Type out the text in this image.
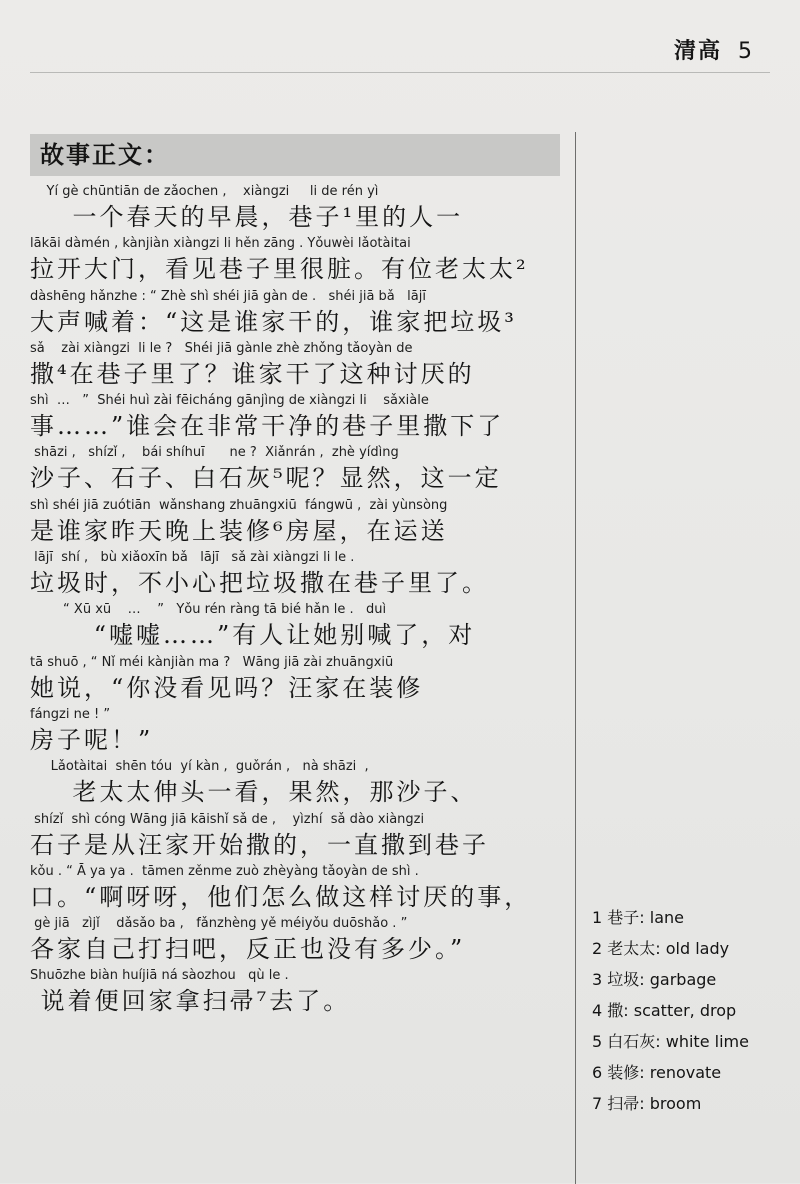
清高 5
故事正文：
Yí gè chūntiān de zǎochen ,    xiàngzi     li de rén yì
一个春天的早晨，巷子¹里的人一
lākāi dàmén , kànjiàn xiàngzi li hěn zāng . Yǒuwèi lǎotàitai
拉开大门，看见巷子里很脏。有位老太太²
dàshēng hǎnzhe : “ Zhè shì shéi jiā gàn de .   shéi jiā bǎ   lājī
大声喊着：“这是谁家干的，谁家把垃圾³
sǎ    zài xiàngzi  li le ?   Shéi jiā gànle zhè zhǒng tǎoyàn de
撒⁴在巷子里了？谁家干了这种讨厌的
shì  …   ”  Shéi huì zài fēicháng gānjìng de xiàngzi li    sǎxiàle
事……”谁会在非常干净的巷子里撒下了
shāzi ,   shízǐ ,    bái shíhuī      ne ?  Xiǎnrán ,  zhè yídìng
沙子、石子、白石灰⁵呢？显然，这一定
shì shéi jiā zuótiān  wǎnshang zhuāngxiū  fángwū ,  zài yùnsòng
是谁家昨天晚上装修⁶房屋，在运送
lājī  shí ,   bù xiǎoxīn bǎ   lājī   sǎ zài xiàngzi li le .
垃圾时，不小心把垃圾撒在巷子里了。
“ Xū xū    …    ”   Yǒu rén ràng tā bié hǎn le .   duì
“嘘嘘……”有人让她别喊了，对
tā shuō , “ Nǐ méi kànjiàn ma ?   Wāng jiā zài zhuāngxiū
她说，“你没看见吗？汪家在装修
fángzi ne ! ”
房子呢！”
Lǎotàitai  shēn tóu  yí kàn ,  guǒrán ,   nà shāzi  ,
老太太伸头一看，果然，那沙子、
shízǐ  shì cóng Wāng jiā kāishǐ sǎ de ,    yìzhí  sǎ dào xiàngzi
石子是从汪家开始撒的，一直撒到巷子
kǒu . “ Ā ya ya .  tāmen zěnme zuò zhèyàng tǎoyàn de shì .
口。“啊呀呀，他们怎么做这样讨厌的事，
gè jiā   zìjǐ    dǎsǎo ba ,   fǎnzhèng yě méiyǒu duōshǎo . ”
各家自己打扫吧，反正也没有多少。”
Shuōzhe biàn huíjiā ná sàozhou   qù le .
说着便回家拿扫帚⁷去了。
1 巷子: lane
2 老太太: old lady
3 垃圾: garbage
4 撒: scatter, drop
5 白石灰: white lime
6 装修: renovate
7 扫帚: broom
